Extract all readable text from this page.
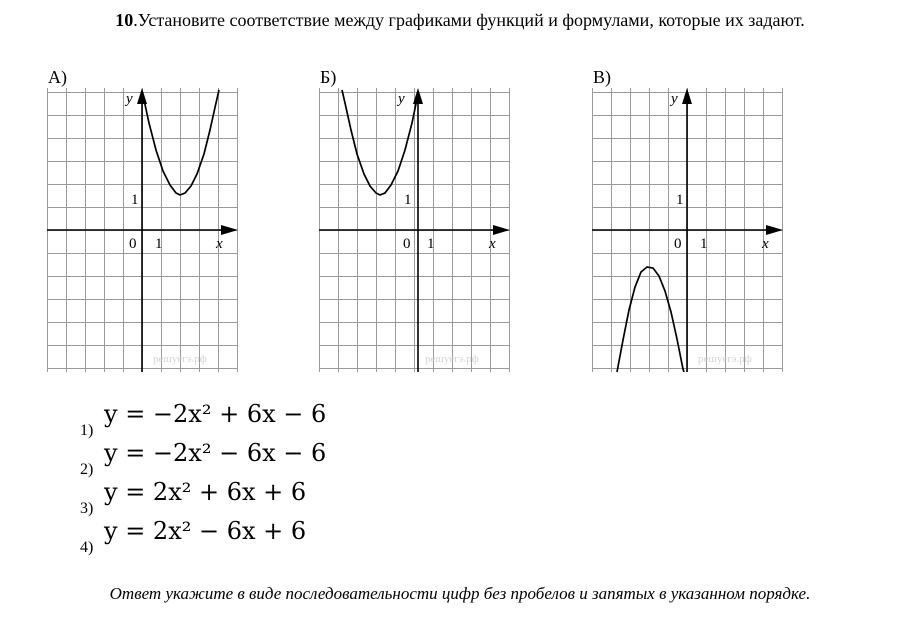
10.Установите соответствие между графиками функций и формулами, которые их задают.
А)	Б)	В)
y
x
0 1
1
решуегэ.рф
y
x
0 1
1
решуегэ.рф
y
x
0 1
1
решуегэ.рф
1)
y = −2x² + 6x − 6
2)
y = −2x² − 6x − 6
3)
y = 2x² + 6x + 6
4)
y = 2x² − 6x + 6
Ответ укажите в виде последовательности цифр без пробелов и запятых в указанном порядке.
